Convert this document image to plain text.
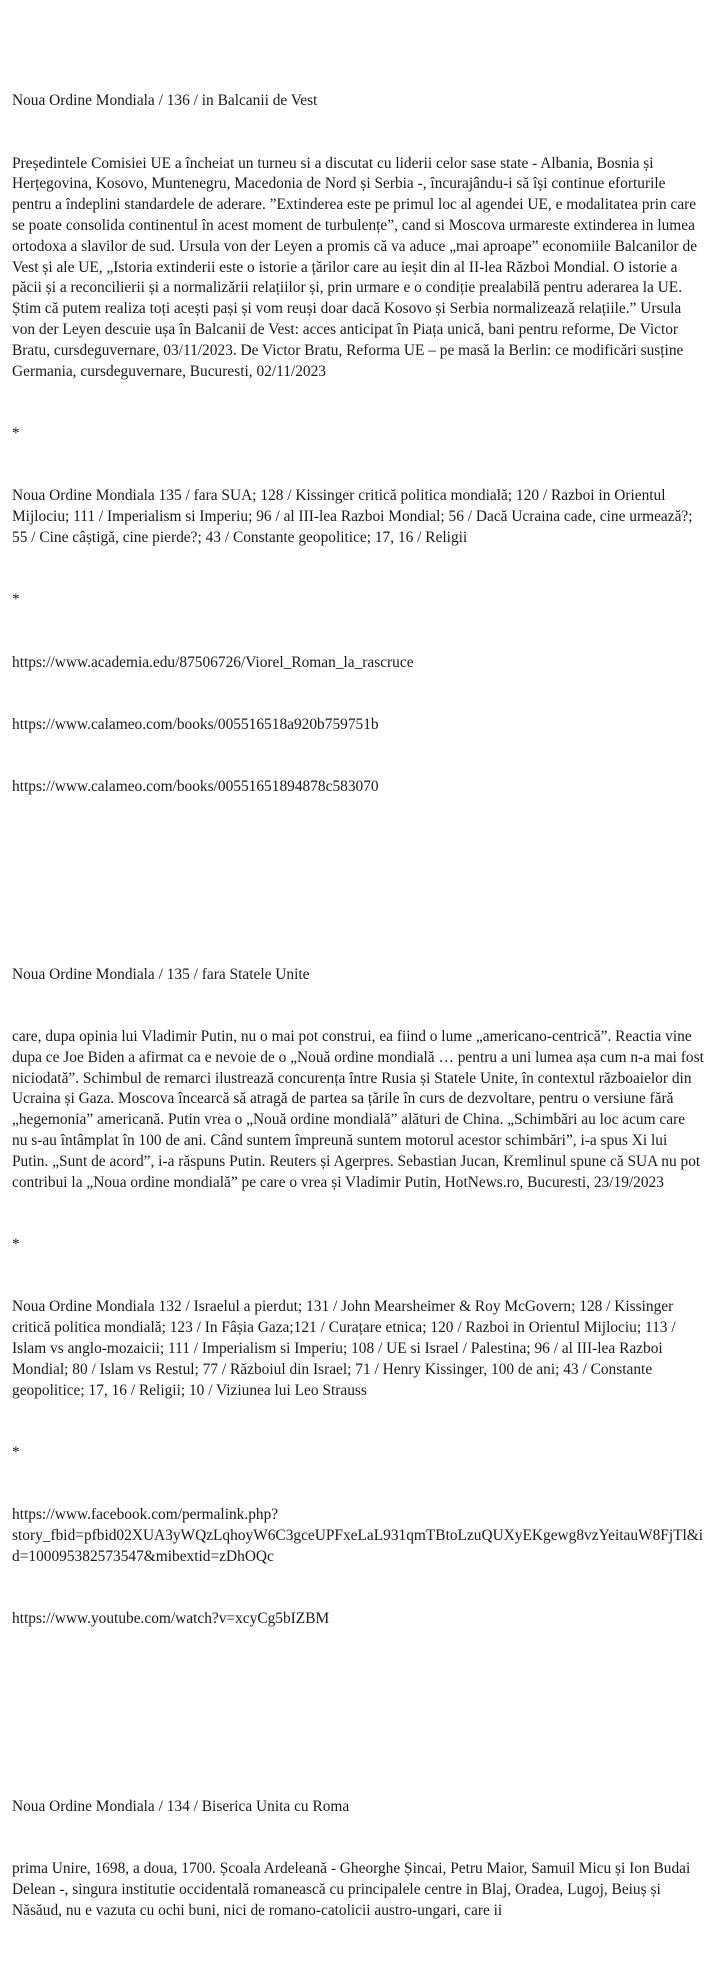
Noua Ordine Mondiala / 136 / in Balcanii de Vest

Președintele Comisiei UE a încheiat un turneu si a discutat cu liderii celor sase state - Albania, Bosnia și Herțegovina, Kosovo, Muntenegru, Macedonia de Nord și Serbia -, încurajându-i să își continue eforturile pentru a îndeplini standardele de aderare. ”Extinderea este pe primul loc al agendei UE, e modalitatea prin care se poate consolida continentul în acest moment de turbulențe”, cand si Moscova urmareste extinderea in lumea ortodoxa a slavilor de sud. Ursula von der Leyen a promis că va aduce „mai aproape” economiile Balcanilor de Vest și ale UE, „Istoria extinderii este o istorie a țărilor care au ieșit din al II-lea Război Mondial. O istorie a păcii și a reconcilierii și a normalizării relațiilor și, prin urmare e o condiție prealabilă pentru aderarea la UE. Știm că putem realiza toți acești pași și vom reuși doar dacă Kosovo și Serbia normalizează relațiile.” Ursula von der Leyen descuie ușa în Balcanii de Vest: acces anticipat în Piața unică, bani pentru reforme, De Victor Bratu, cursdeguvernare, 03/11/2023. De Victor Bratu, Reforma UE – pe masă la Berlin: ce modificări susține Germania, cursdeguvernare, Bucuresti, 02/11/2023

*

Noua Ordine Mondiala 135 / fara SUA; 128 / Kissinger critică politica mondială; 120 / Razboi in Orientul Mijlociu; 111 / Imperialism si Imperiu; 96 / al III-lea Razboi Mondial; 56 / Dacă Ucraina cade, cine urmează?; 55 / Cine câștigă, cine pierde?; 43 / Constante geopolitice; 17, 16 / Religii

*

https://www.academia.edu/87506726/Viorel_Roman_la_rascruce

https://www.calameo.com/books/005516518a920b759751b

https://www.calameo.com/books/00551651894878c583070

Noua Ordine Mondiala / 135 / fara Statele Unite

care, dupa opinia lui Vladimir Putin, nu o mai pot construi, ea fiind o lume „americano-centrică”. Reactia vine dupa ce Joe Biden a afirmat ca e nevoie de o „Nouă ordine mondială … pentru a uni lumea așa cum n-a mai fost niciodată”. Schimbul de remarci ilustrează concurența între Rusia și Statele Unite, în contextul războaielor din Ucraina și Gaza. Moscova încearcă să atragă de partea sa țările în curs de dezvoltare, pentru o versiune fără „hegemonia” americană. Putin vrea o „Nouă ordine mondială” alături de China. „Schimbări au loc acum care nu s-au întâmplat în 100 de ani. Când suntem împreună suntem motorul acestor schimbări”, i-a spus Xi lui Putin. „Sunt de acord”, i-a răspuns Putin. Reuters și Agerpres. Sebastian Jucan, Kremlinul spune că SUA nu pot contribui la „Noua ordine mondială” pe care o vrea și Vladimir Putin, HotNews.ro, Bucuresti, 23/19/2023

*

Noua Ordine Mondiala 132 / Israelul a pierdut; 131 / John Mearsheimer & Roy McGovern; 128 / Kissinger critică politica mondială; 123 / In Fâșia Gaza;121 / Curațare etnica; 120 / Razboi in Orientul Mijlociu; 113 / Islam vs anglo-mozaicii; 111 / Imperialism si Imperiu; 108 / UE si Israel / Palestina; 96 / al III-lea Razboi Mondial; 80 / Islam vs Restul; 77 / Războiul din Israel; 71 / Henry Kissinger, 100 de ani; 43 / Constante geopolitice; 17, 16 / Religii; 10 / Viziunea lui Leo Strauss

*

https://www.facebook.com/permalink.php?story_fbid=pfbid02XUA3yWQzLqhoyW6C3gceUPFxeLaL931qmTBtoLzuQUXyEKgewg8vzYeitauW8FjTl&id=100095382573547&mibextid=zDhOQc

https://www.youtube.com/watch?v=xcyCg5bIZBM

Noua Ordine Mondiala / 134 / Biserica Unita cu Roma

prima Unire, 1698, a doua, 1700. Școala Ardeleană - Gheorghe Șincai, Petru Maior, Samuil Micu și Ion Budai Delean -, singura institutie occidentală romanească cu principalele centre in Blaj, Oradea, Lugoj, Beiuș și Năsăud, nu e vazuta cu ochi buni, nici de romano-catolicii austro-ungari, care ii
